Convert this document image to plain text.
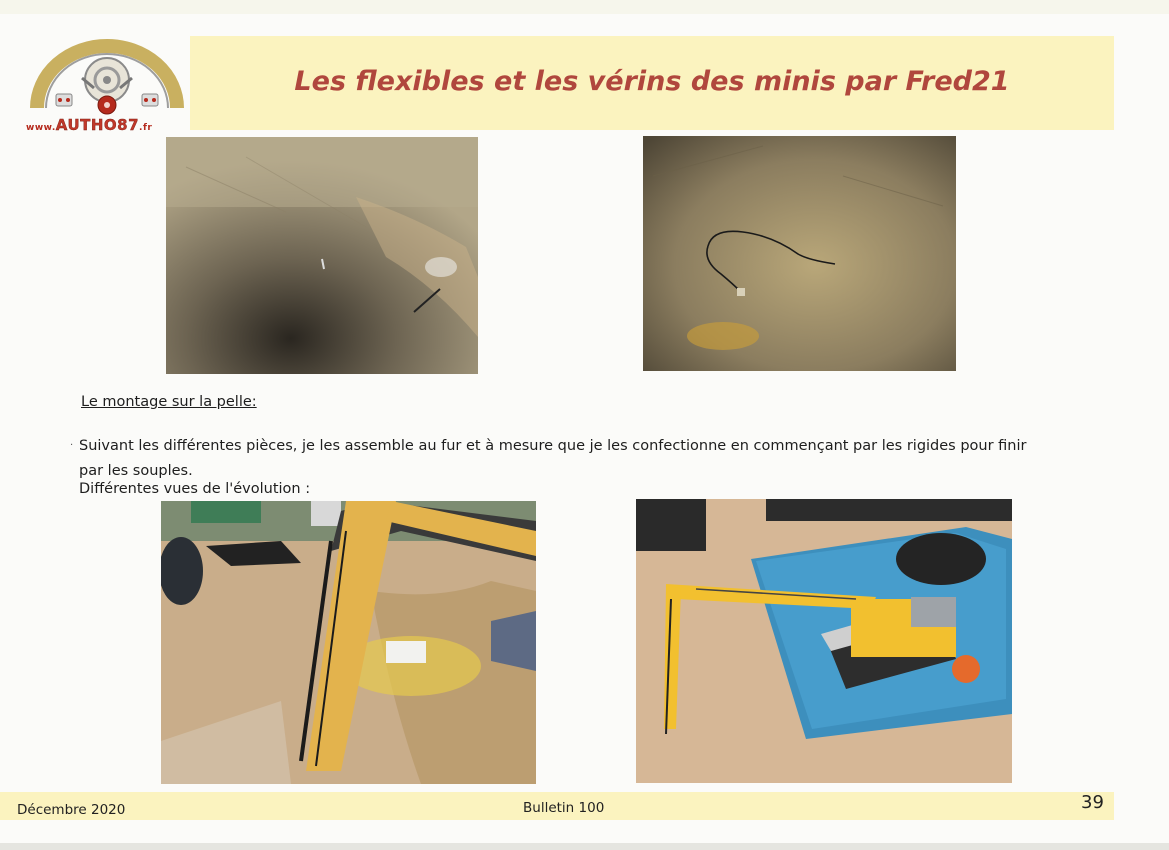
www.AUTHO87.fr
Les flexibles et les vérins des minis par Fred21
Le montage sur la pelle:
· Suivant les différentes pièces, je les assemble au fur et à mesure que je les confectionne en commençant par les rigides pour finir par les souples.
Différentes vues de l'évolution :
Décembre 2020	Bulletin 100	39
